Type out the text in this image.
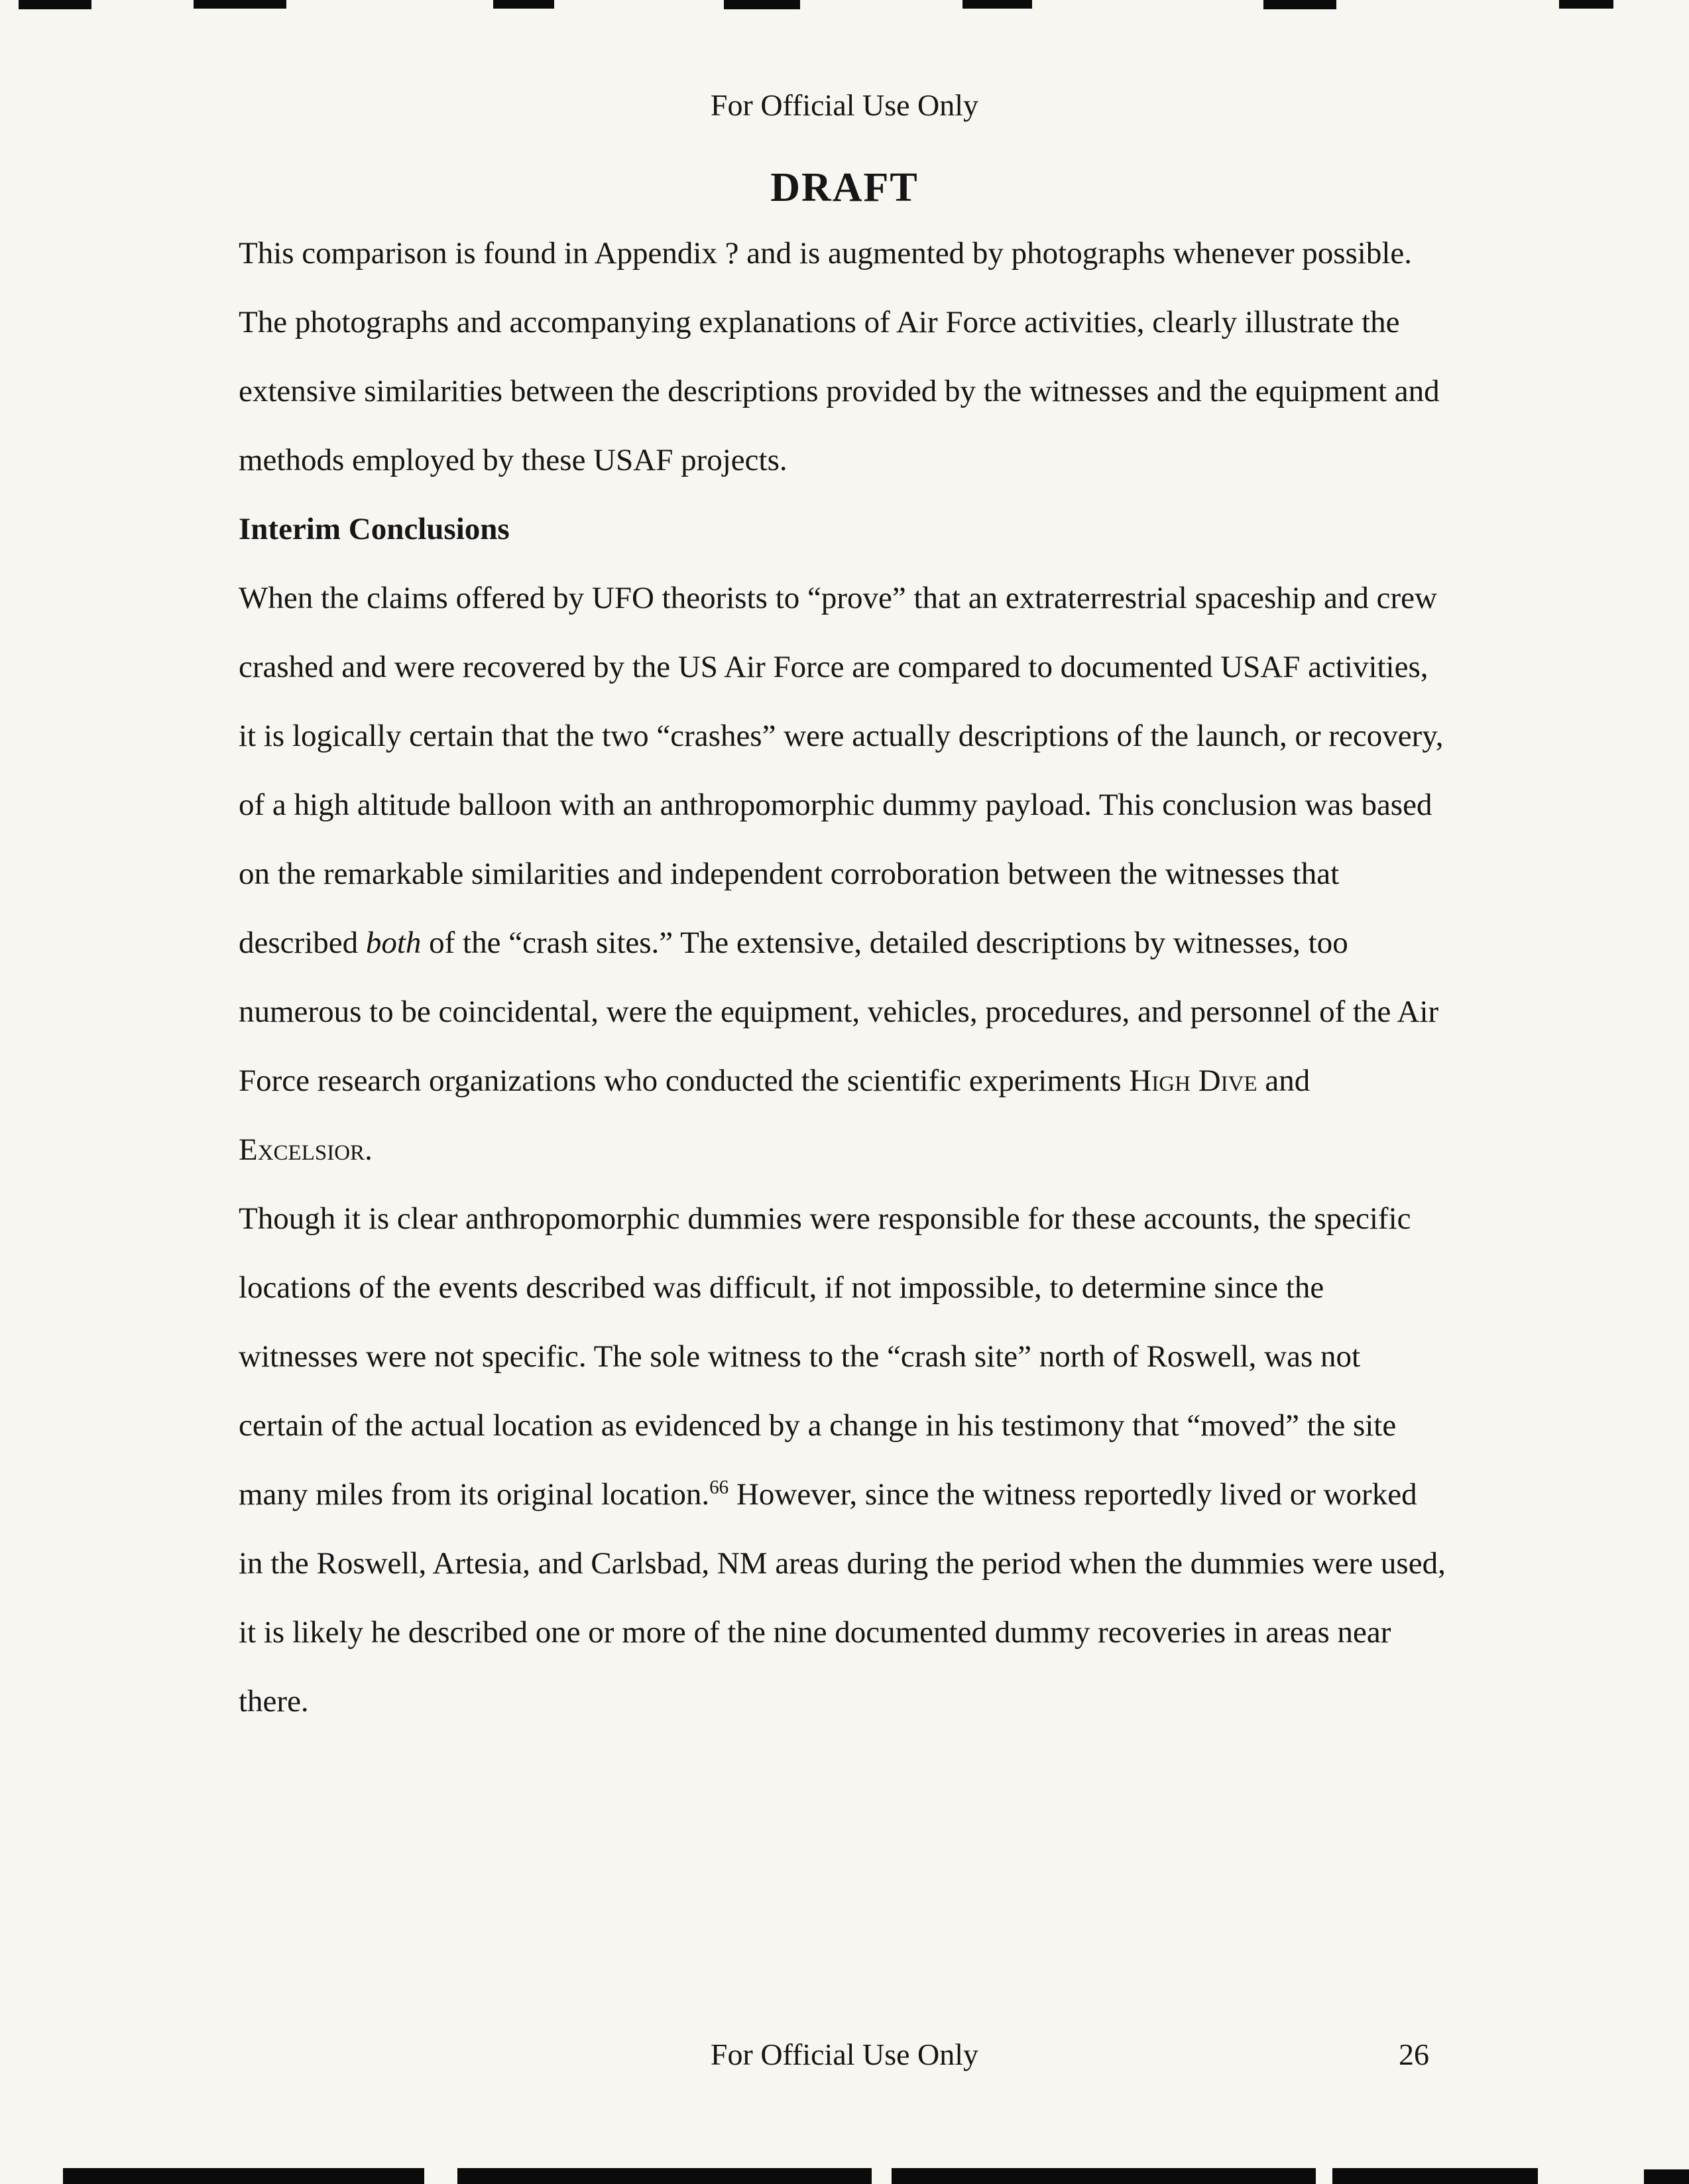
For Official Use Only
DRAFT

This comparison is found in Appendix ? and is augmented by photographs whenever possible. The photographs and accompanying explanations of Air Force activities, clearly illustrate the extensive similarities between the descriptions provided by the witnesses and the equipment and methods employed by these USAF projects.

Interim Conclusions

When the claims offered by UFO theorists to “prove” that an extraterrestrial spaceship and crew crashed and were recovered by the US Air Force are compared to documented USAF activities, it is logically certain that the two “crashes” were actually descriptions of the launch, or recovery, of a high altitude balloon with an anthropomorphic dummy payload. This conclusion was based on the remarkable similarities and independent corroboration between the witnesses that described both of the “crash sites.” The extensive, detailed descriptions by witnesses, too numerous to be coincidental, were the equipment, vehicles, procedures, and personnel of the Air Force research organizations who conducted the scientific experiments High Dive and Excelsior.

Though it is clear anthropomorphic dummies were responsible for these accounts, the specific locations of the events described was difficult, if not impossible, to determine since the witnesses were not specific. The sole witness to the “crash site” north of Roswell, was not certain of the actual location as evidenced by a change in his testimony that “moved” the site many miles from its original location.$^{66}$ However, since the witness reportedly lived or worked in the Roswell, Artesia, and Carlsbad, NM areas during the period when the dummies were used, it is likely he described one or more of the nine documented dummy recoveries in areas near there.

For Official Use Only	26
